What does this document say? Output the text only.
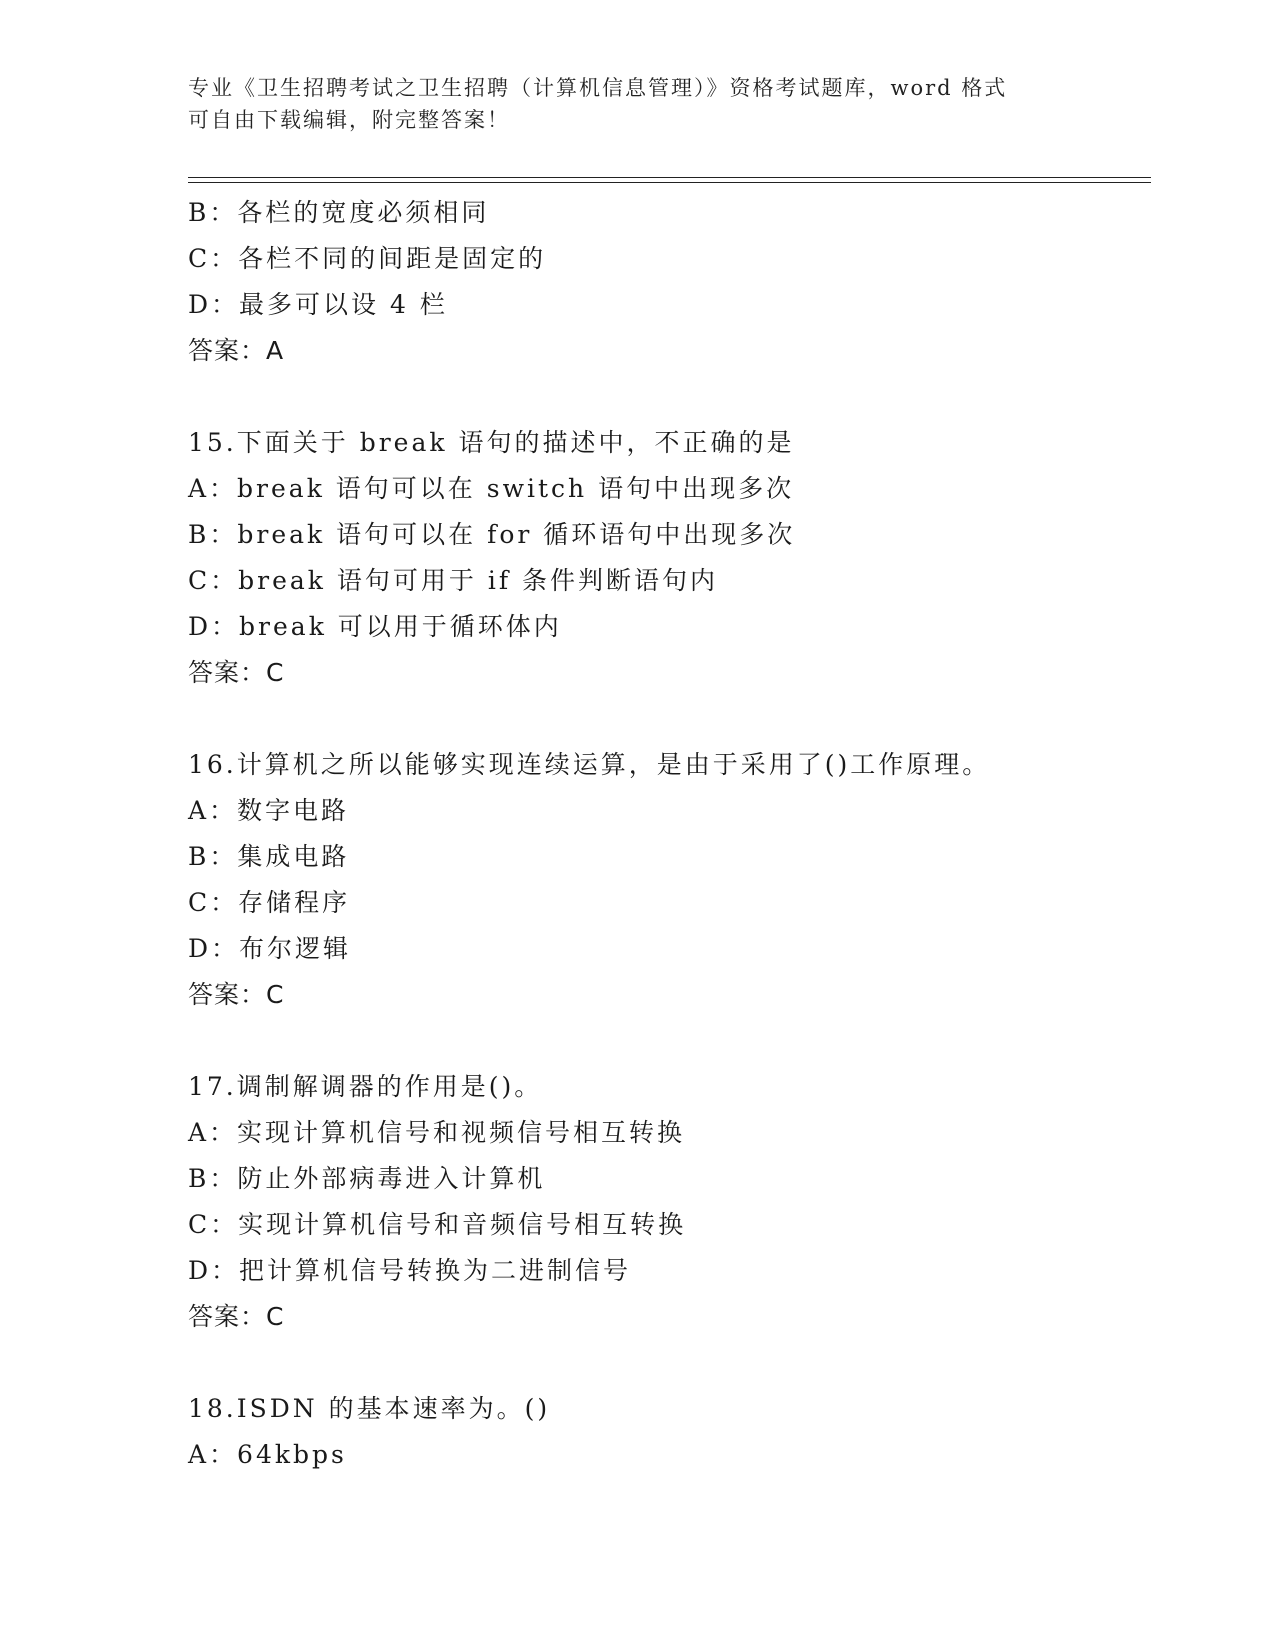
专业《卫生招聘考试之卫生招聘（计算机信息管理）》资格考试题库，word 格式
可自由下载编辑，附完整答案！
B：各栏的宽度必须相同
C：各栏不同的间距是固定的
D：最多可以设 4 栏
答案：A
15.下面关于 break 语句的描述中，不正确的是
A：break 语句可以在 switch 语句中出现多次
B：break 语句可以在 for 循环语句中出现多次
C：break 语句可用于 if 条件判断语句内
D：break 可以用于循环体内
答案：C
16.计算机之所以能够实现连续运算，是由于采用了()工作原理。
A：数字电路
B：集成电路
C：存储程序
D：布尔逻辑
答案：C
17.调制解调器的作用是()。
A：实现计算机信号和视频信号相互转换
B：防止外部病毒进入计算机
C：实现计算机信号和音频信号相互转换
D：把计算机信号转换为二进制信号
答案：C
18.ISDN 的基本速率为。()
A：64kbps
